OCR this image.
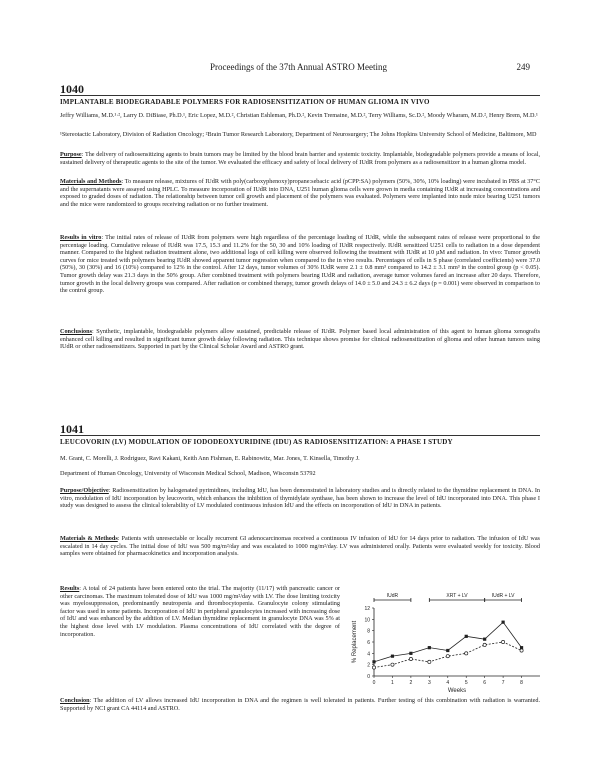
Proceedings of the 37th Annual ASTRO Meeting	249
1040
IMPLANTABLE BIODEGRADABLE POLYMERS FOR RADIOSENSITIZATION OF HUMAN GLIOMA IN VIVO
Jeffry Williams, M.D.¹·², Larry D. DiBiase, Ph.D.¹, Eric Lopez, M.D.², Christian Eshleman, Ph.D.², Kevin Tremaine, M.D.², Terry Williams, Sc.D.², Moody Wharam, M.D.², Henry Brem, M.D.¹
¹Stereotactic Laboratory, Division of Radiation Oncology; ²Brain Tumor Research Laboratory, Department of Neurosurgery; The Johns Hopkins University School of Medicine, Baltimore, MD
Purpose: The delivery of radiosensitizing agents to brain tumors may be limited by the blood brain barrier and systemic toxicity. Implantable, biodegradable polymers provide a means of local, sustained delivery of therapeutic agents to the site of the tumor. We evaluated the efficacy and safety of local delivery of IUdR from polymers as a radiosensitizer in a human glioma model.
Materials and Methods: To measure release, mixtures of IUdR with poly(carboxyphenoxy)propane:sebacic acid (pCPP:SA) polymers (50%, 30%, 10% loading) were incubated in PBS at 37°C and the supernatants were assayed using HPLC. To measure incorporation of IUdR into DNA, U251 human glioma cells were grown in media containing IUdR at increasing concentrations and exposed to graded doses of radiation. The relationship between tumor cell growth and placement of the polymers was evaluated. Polymers were implanted into nude mice bearing U251 tumors and the mice were randomized to groups receiving radiation or no further treatment.
Results in vitro: The initial rates of release of IUdR from polymers were high regardless of the percentage loading of IUdR, while the subsequent rates of release were proportional to the percentage loading. Cumulative release of IUdR was 17.5, 15.3 and 11.2% for the 50, 30 and 10% loading of IUdR respectively. IUdR sensitized U251 cells to radiation in a dose dependent manner. Compared to the highest radiation treatment alone, two additional logs of cell killing were observed following the treatment with IUdR at 10 µM and radiation. In vivo: Tumor growth curves for mice treated with polymers bearing IUdR showed apparent tumor regression when compared to the in vivo results. Percentages of cells in S phase (correlated coefficients) were 37.0 (50%), 30 (30%) and 16 (10%) compared to 12% in the control. After 12 days, tumor volumes of 30% IUdR were 2.1 ± 0.8 mm³ compared to 14.2 ± 3.1 mm³ in the control group (p < 0.05). Tumor growth delay was 21.3 days in the 50% group. After combined treatment with polymers bearing IUdR and radiation, average tumor volumes fared an increase after 20 days. Therefore, tumor growth in the local delivery groups was compared. After radiation or combined therapy, tumor growth delays of 14.0 ± 5.0 and 24.3 ± 6.2 days (p = 0.001) were observed in comparison to the control group.
Conclusions: Synthetic, implantable, biodegradable polymers allow sustained, predictable release of IUdR. Polymer based local administration of this agent to human glioma xenografts enhanced cell killing and resulted in significant tumor growth delay following radiation. This technique shows promise for clinical radiosensitization of glioma and other human tumors using IUdR or other radiosensitizers. Supported in part by the Clinical Scholar Award and ASTRO grant.
1041
LEUCOVORIN (LV) MODULATION OF IODODEOXYURIDINE (IDU) AS RADIOSENSITIZATION: A PHASE I STUDY
M. Grant, C. Morelli, J. Rodriguez, Ravi Kakani, Keith Ann Fishman, E. Rabinowitz, Mar. Jones, T. Kinsella, Timothy J.
Department of Human Oncology, University of Wisconsin Medical School, Madison, Wisconsin 53792
Purpose/Objective: Radiosensitization by halogenated pyrimidines, including IdU, has been demonstrated in laboratory studies and is directly related to the thymidine replacement in DNA. In vitro, modulation of IdU incorporation by leucovorin, which enhances the inhibition of thymidylate synthase, has been shown to increase the level of IdU incorporated into DNA. This phase I study was designed to assess the clinical tolerability of LV modulated continuous infusion IdU and the effects on incorporation of IdU in DNA in patients.
Materials & Methods: Patients with unresectable or locally recurrent GI adenocarcinomas received a continuous IV infusion of IdU for 14 days prior to radiation. The infusion of IdU was escalated in 14 day cycles. The initial dose of IdU was 500 mg/m²/day and was escalated to 1000 mg/m²/day. LV was administered orally. Patients were evaluated weekly for toxicity. Blood samples were obtained for pharmacokinetics and incorporation analysis.
Results: A total of 24 patients have been entered onto the trial. The majority (11/17) with pancreatic cancer or other carcinomas. The maximum tolerated dose of IdU was 1000 mg/m²/day with LV. The dose limiting toxicity was myelosuppression, predominantly neutropenia and thrombocytopenia. Granulocyte colony stimulating factor was used in some patients. Incorporation of IdU in peripheral granulocytes increased with increasing dose of IdU and was enhanced by the addition of LV. Median thymidine replacement in granulocyte DNA was 5% at the highest dose level with LV modulation. Plasma concentrations of IdU correlated with the degree of incorporation.
Conclusion: The addition of LV allows increased IdU incorporation in DNA and the regimen is well tolerated in patients. Further testing of this combination with radiation is warranted. Supported by NCI grant CA 44114 and ASTRO.
0
2
4
6
8
10
12
0	1	2	3	4	5	6	7	8
Weeks
% Replacement
IUdR	XRT + LV	IUdR + LV
